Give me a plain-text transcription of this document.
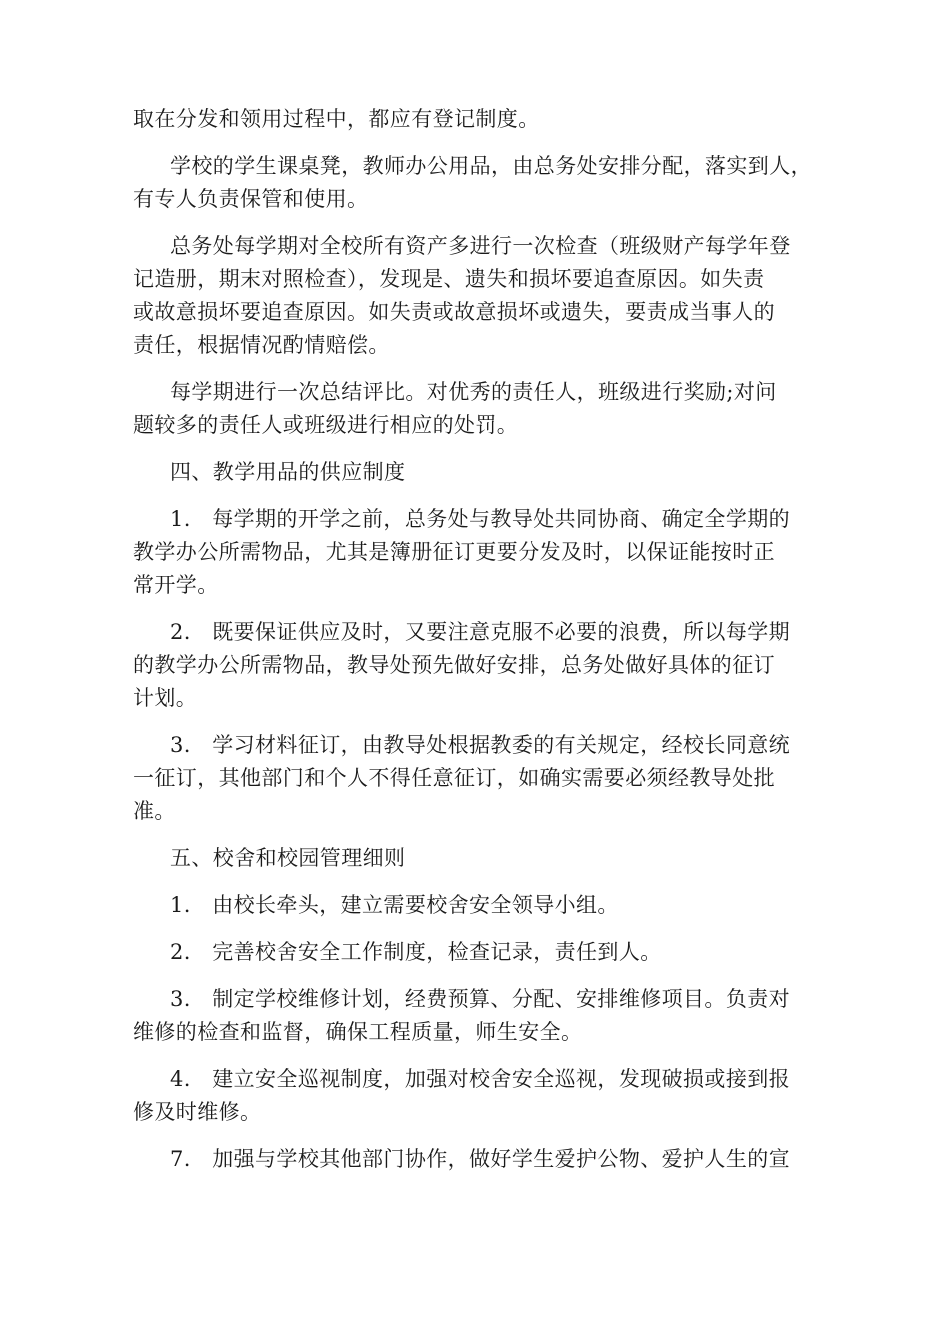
取在分发和领用过程中，都应有登记制度。

学校的学生课桌凳，教师办公用品，由总务处安排分配，落实到人，
有专人负责保管和使用。

总务处每学期对全校所有资产多进行一次检查（班级财产每学年登
记造册，期末对照检查），发现是、遗失和损坏要追查原因。如失责
或故意损坏要追查原因。如失责或故意损坏或遗失，要责成当事人的
责任，根据情况酌情赔偿。

每学期进行一次总结评比。对优秀的责任人，班级进行奖励;对问
题较多的责任人或班级进行相应的处罚。

四、教学用品的供应制度

1.　每学期的开学之前，总务处与教导处共同协商、确定全学期的
教学办公所需物品，尤其是簿册征订更要分发及时，以保证能按时正
常开学。

2.　既要保证供应及时，又要注意克服不必要的浪费，所以每学期
的教学办公所需物品，教导处预先做好安排，总务处做好具体的征订
计划。

3.　学习材料征订，由教导处根据教委的有关规定，经校长同意统
一征订，其他部门和个人不得任意征订，如确实需要必须经教导处批
准。

五、校舍和校园管理细则

1.　由校长牵头，建立需要校舍安全领导小组。

2.　完善校舍安全工作制度，检查记录，责任到人。

3.　制定学校维修计划，经费预算、分配、安排维修项目。负责对
维修的检查和监督，确保工程质量，师生安全。

4.　建立安全巡视制度，加强对校舍安全巡视，发现破损或接到报
修及时维修。

7.　加强与学校其他部门协作，做好学生爱护公物、爱护人生的宣
